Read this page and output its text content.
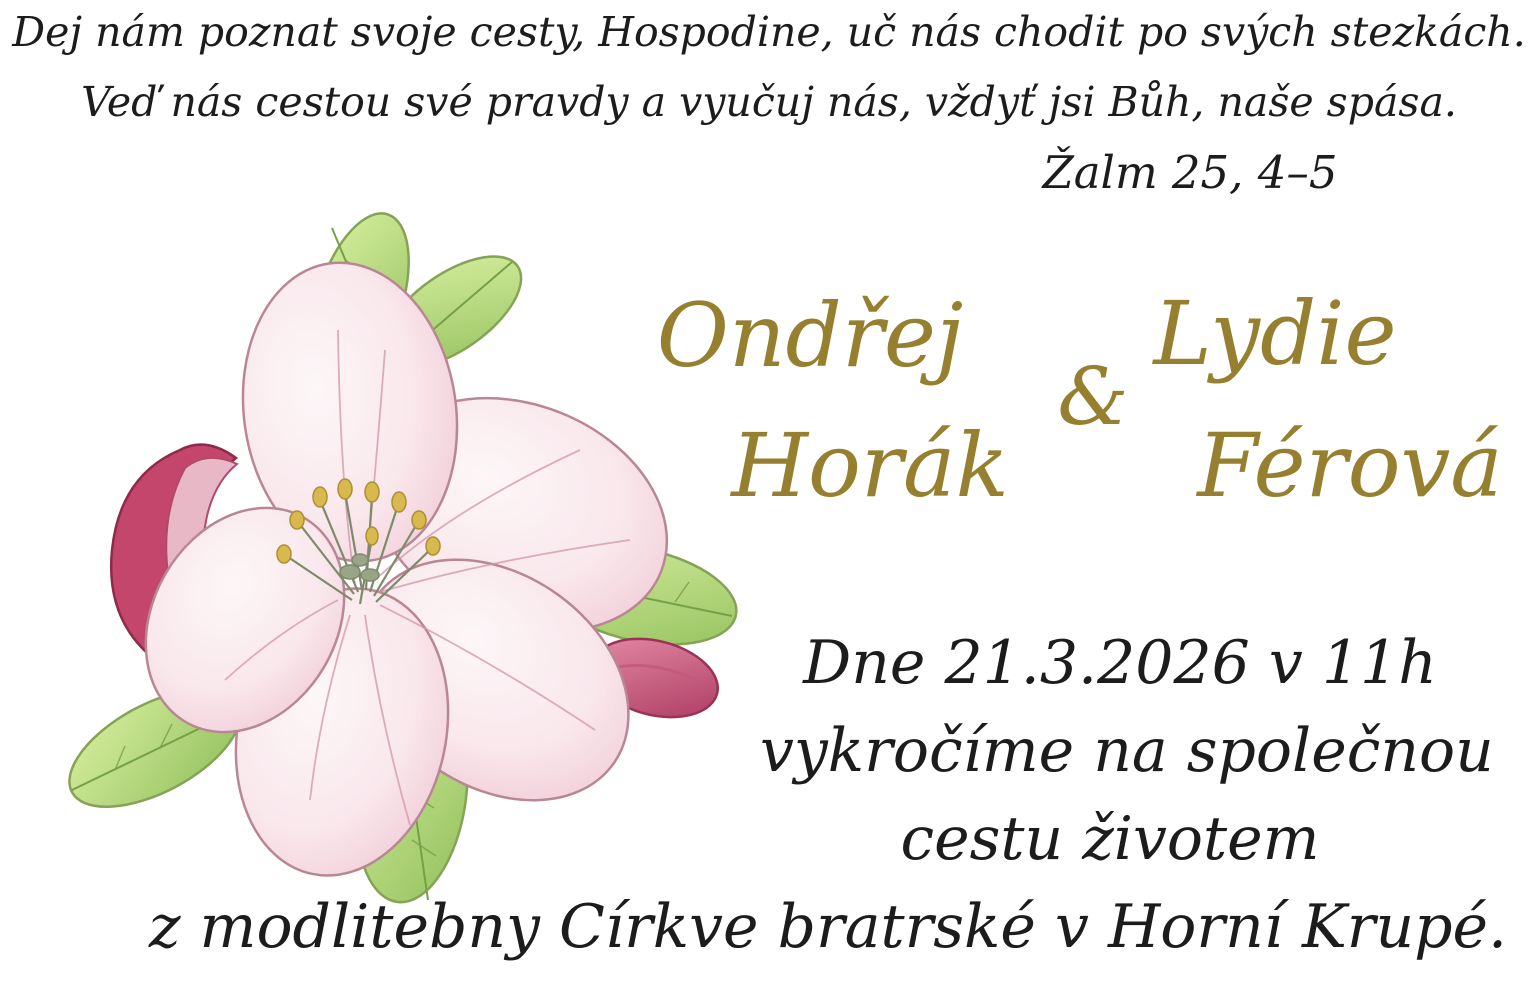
Dej nám poznat svoje cesty, Hospodine, uč nás chodit po svých stezkách.
Veď nás cestou své pravdy a vyučuj nás, vždyť jsi Bůh, naše spása.
Žalm 25, 4–5
Ondřej
Horák
&
Lydie
Férová
Dne 21.3.2026 v 11h
vykročíme na společnou
cestu životem
z modlitebny Církve bratrské v Horní Krupé.
